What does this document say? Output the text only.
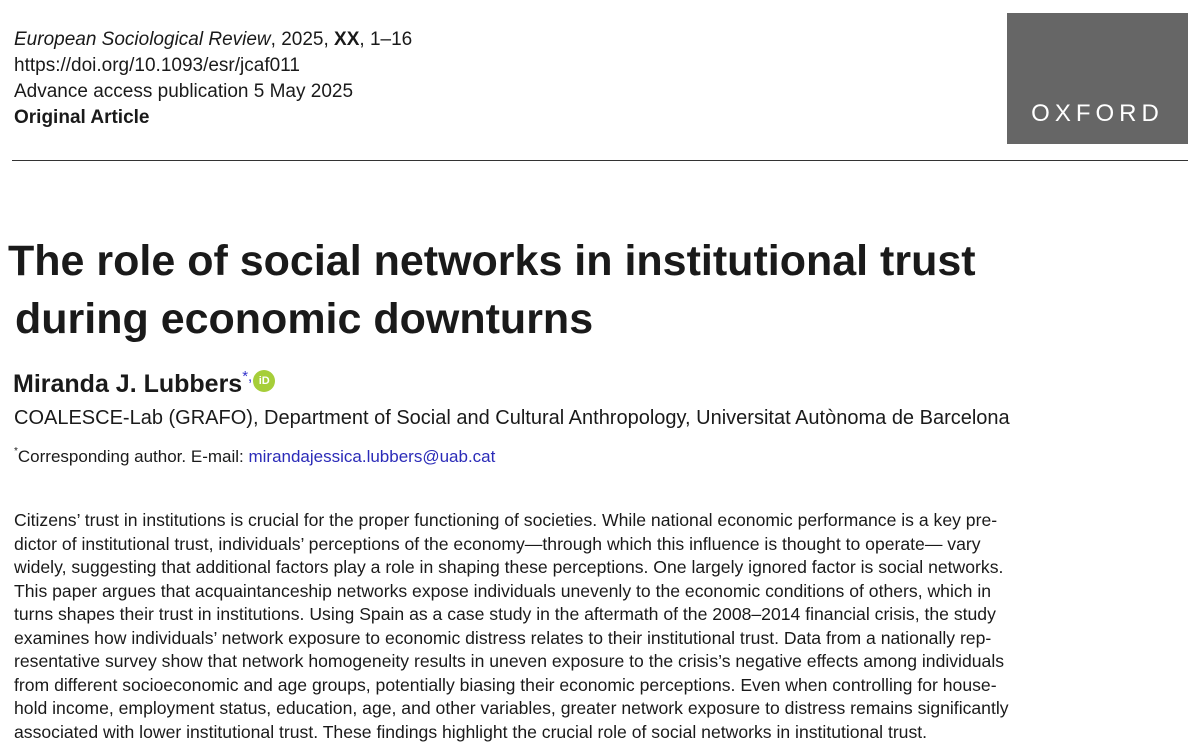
European Sociological Review, 2025, XX, 1–16
https://doi.org/10.1093/esr/jcaf011
Advance access publication 5 May 2025
Original Article	OXFORD
The role of social networks in institutional trust
during economic downturns
Miranda J. Lubbers*, iD
COALESCE-Lab (GRAFO), Department of Social and Cultural Anthropology, Universitat Autònoma de Barcelona
*Corresponding author. E-mail: mirandajessica.lubbers@uab.cat
Citizens’ trust in institutions is crucial for the proper functioning of societies. While national economic performance is a key pre-
dictor of institutional trust, individuals’ perceptions of the economy—through which this influence is thought to operate— vary
widely, suggesting that additional factors play a role in shaping these perceptions. One largely ignored factor is social networks.
This paper argues that acquaintanceship networks expose individuals unevenly to the economic conditions of others, which in
turns shapes their trust in institutions. Using Spain as a case study in the aftermath of the 2008–2014 financial crisis, the study
examines how individuals’ network exposure to economic distress relates to their institutional trust. Data from a nationally rep-
resentative survey show that network homogeneity results in uneven exposure to the crisis’s negative effects among individuals
from different socioeconomic and age groups, potentially biasing their economic perceptions. Even when controlling for house-
hold income, employment status, education, age, and other variables, greater network exposure to distress remains significantly
associated with lower institutional trust. These findings highlight the crucial role of social networks in institutional trust.
